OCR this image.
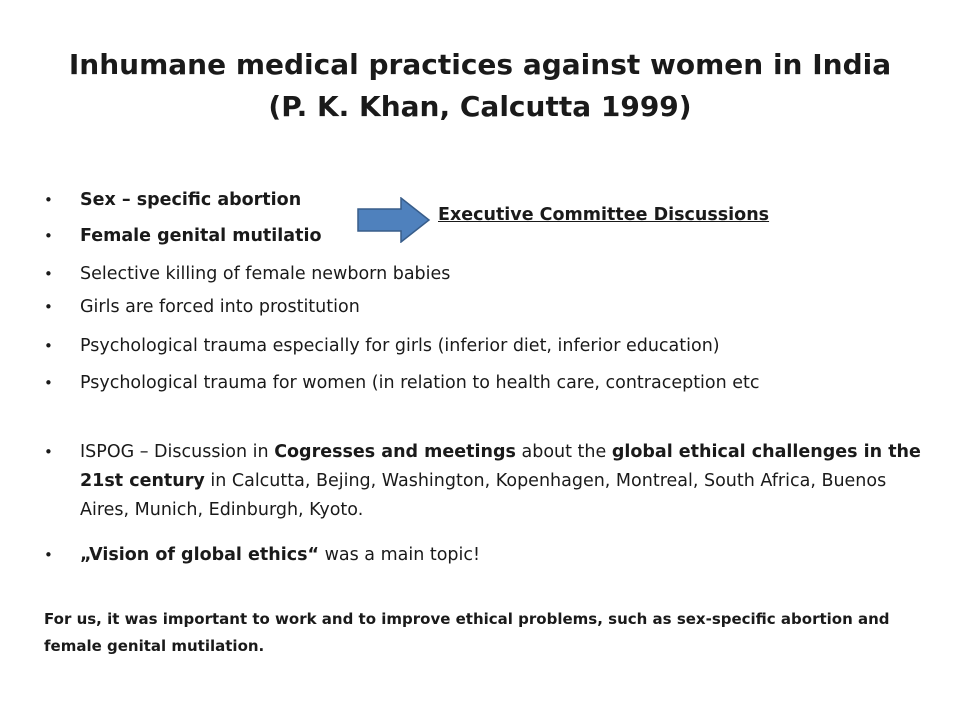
Inhumane medical practices against women in India
(P. K. Khan, Calcutta 1999)
• Sex – specific abortion
• Female genital mutilatio
• Selective killing of female newborn babies
• Girls are forced into prostitution
• Psychological trauma especially for girls (inferior diet, inferior education)
• Psychological trauma for women (in relation to health care, contraception etc
• ISPOG – Discussion in Cogresses and meetings about the global ethical challenges in the 21st century in Calcutta, Bejing, Washington, Kopenhagen, Montreal, South Africa, Buenos Aires, Munich, Edinburgh, Kyoto.
• „Vision of global ethics“ was a main topic!
Executive Committee Discussions
For us, it was important to work and to improve ethical problems, such as sex-specific abortion and female genital mutilation.
